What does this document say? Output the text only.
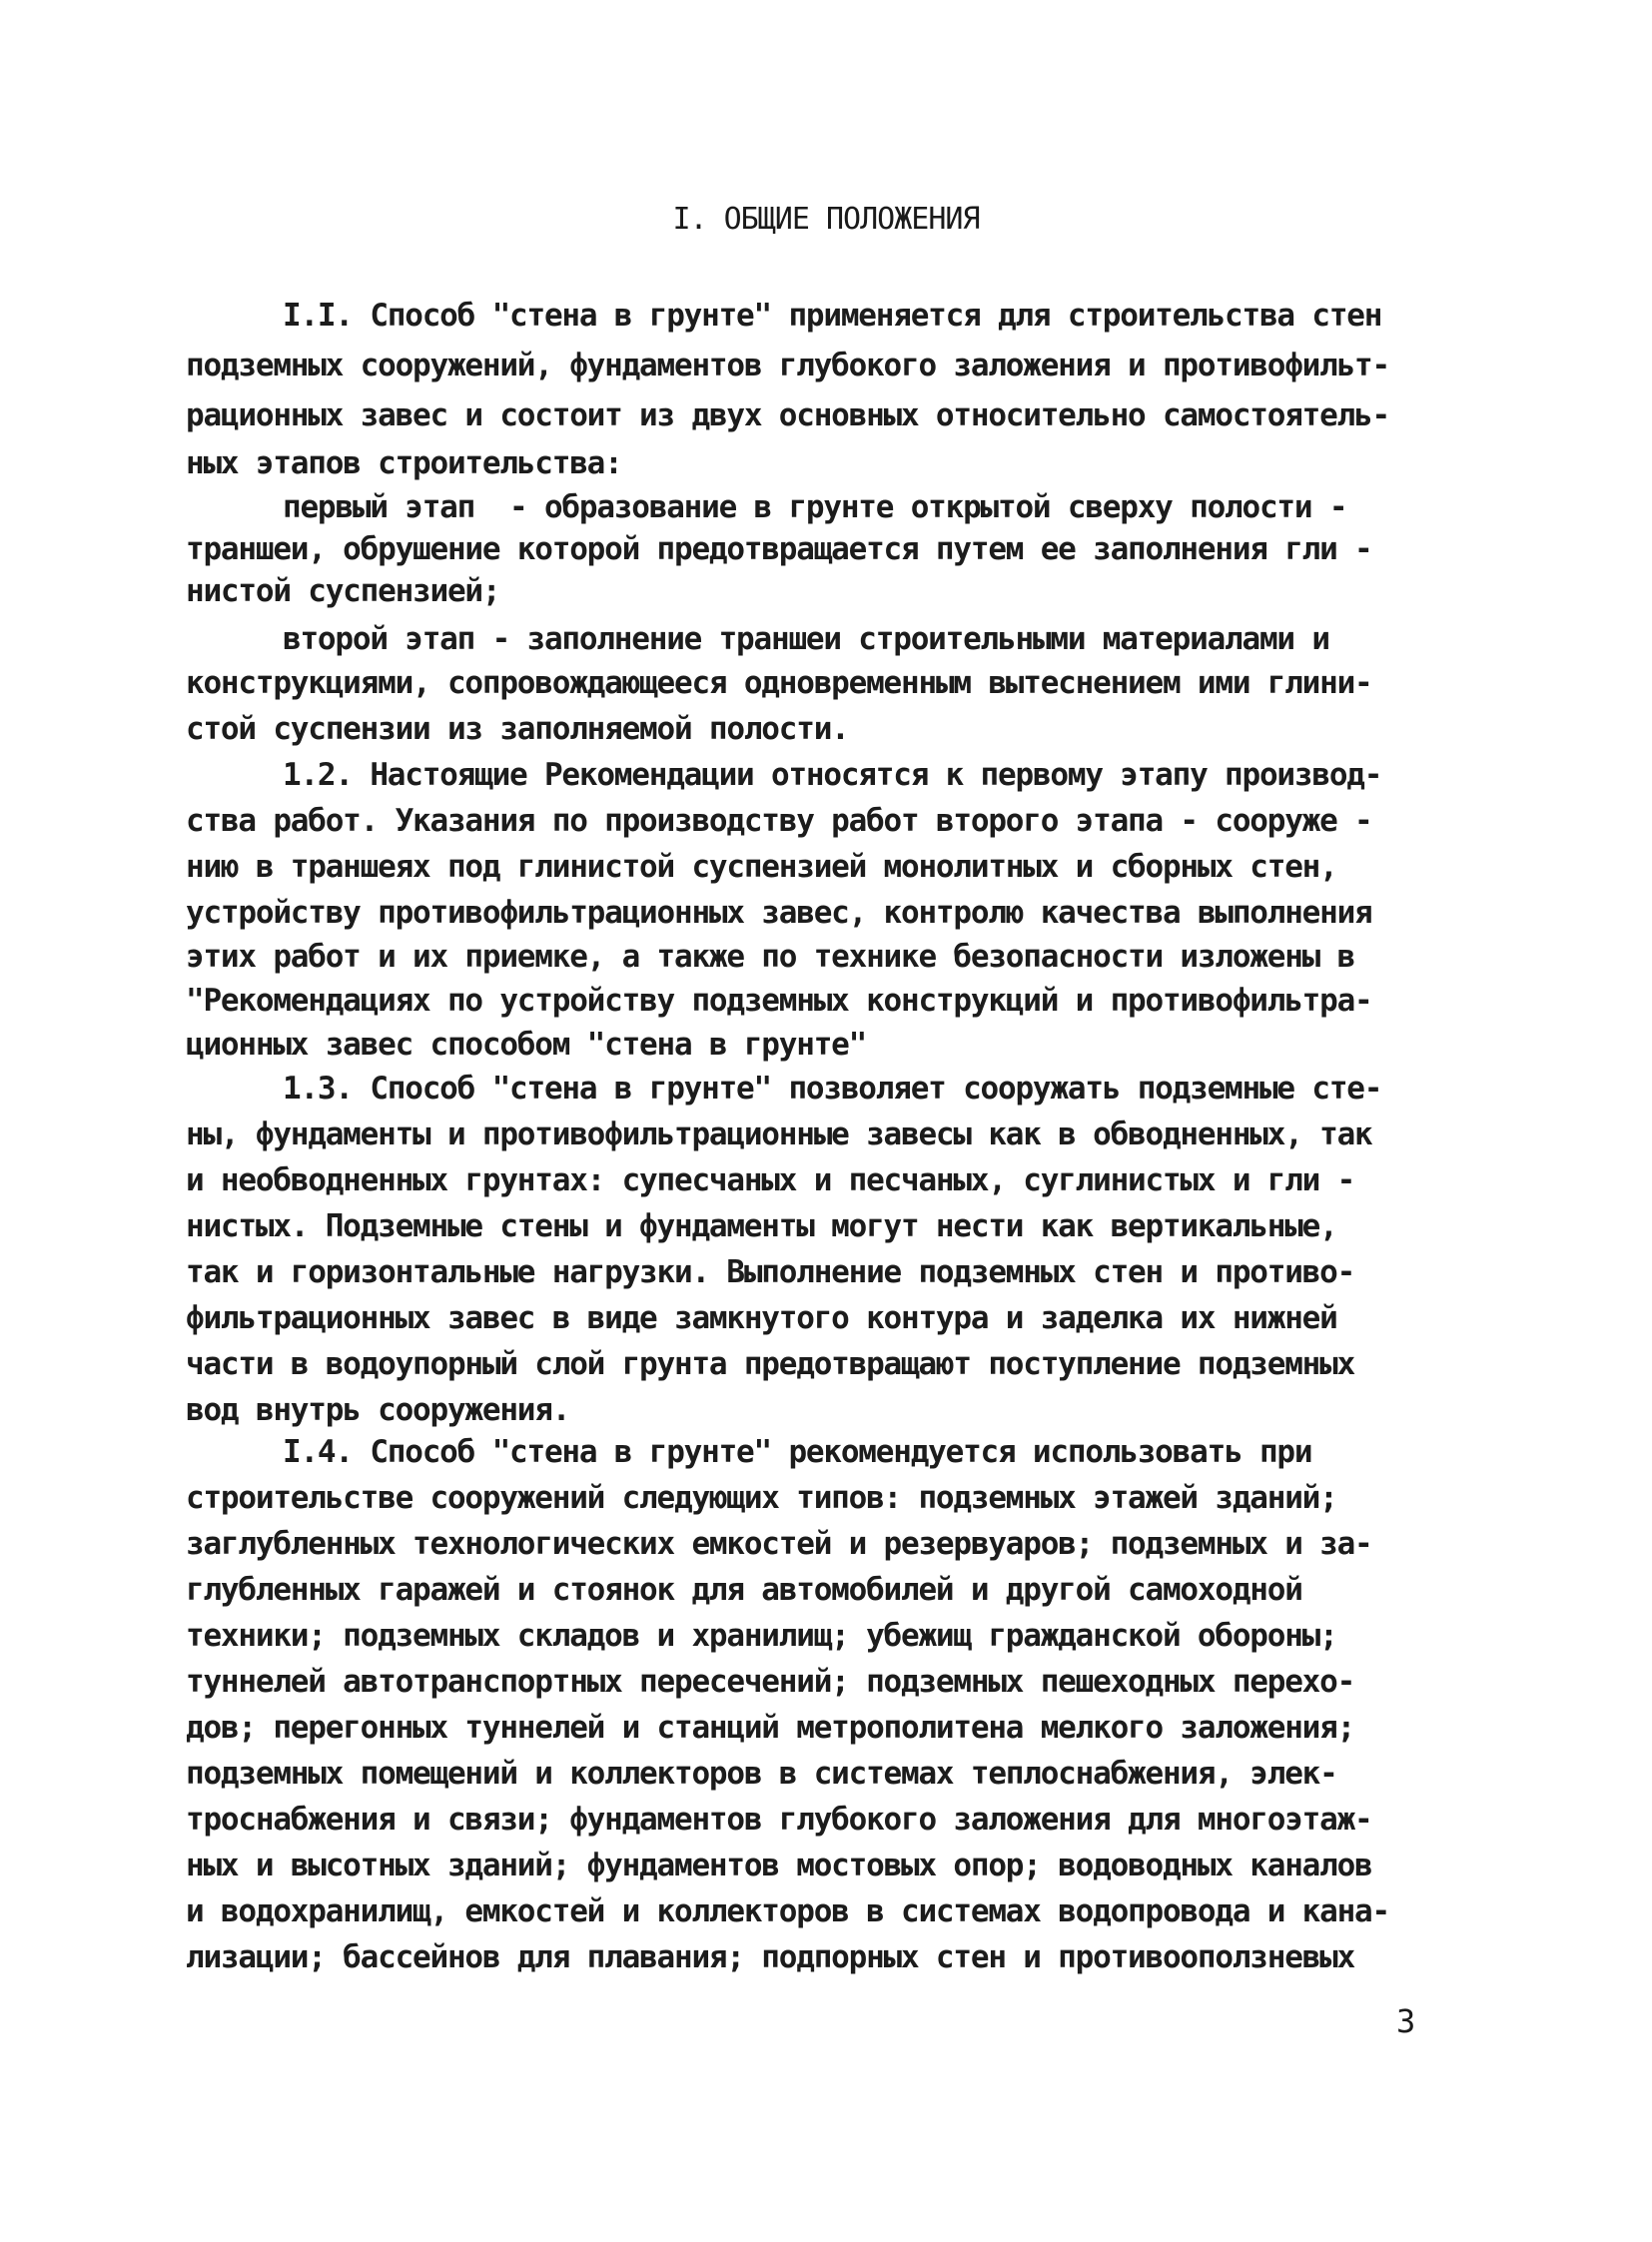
I. ОБЩИЕ ПОЛОЖЕНИЯ
I.I. Способ "стена в грунте" применяется для строительства стен
подземных сооружений, фундаментов глубокого заложения и противофильт-
рационных завес и состоит из двух основных относительно самостоятель-
ных этапов строительства:
первый этап  - образование в грунте открытой сверху полости -
траншеи, обрушение которой предотвращается путем ее заполнения гли -
нистой суспензией;
второй этап - заполнение траншеи строительными материалами и
конструкциями, сопровождающееся одновременным вытеснением ими глини-
стой суспензии из заполняемой полости.
1.2. Настоящие Рекомендации относятся к первому этапу производ-
ства работ. Указания по производству работ второго этапа - сооруже -
нию в траншеях под глинистой суспензией монолитных и сборных стен,
устройству противофильтрационных завес, контролю качества выполнения
этих работ и их приемке, а также по технике безопасности изложены в
"Рекомендациях по устройству подземных конструкций и противофильтра-
ционных завес способом "стена в грунте"
1.3. Способ "стена в грунте" позволяет сооружать подземные сте-
ны, фундаменты и противофильтрационные завесы как в обводненных, так
и необводненных грунтах: супесчаных и песчаных, суглинистых и гли -
нистых. Подземные стены и фундаменты могут нести как вертикальные,
так и горизонтальные нагрузки. Выполнение подземных стен и противо-
фильтрационных завес в виде замкнутого контура и заделка их нижней
части в водоупорный слой грунта предотвращают поступление подземных
вод внутрь сооружения.
I.4. Способ "стена в грунте" рекомендуется использовать при
строительстве сооружений следующих типов: подземных этажей зданий;
заглубленных технологических емкостей и резервуаров; подземных и за-
глубленных гаражей и стоянок для автомобилей и другой самоходной
техники; подземных складов и хранилищ; убежищ гражданской обороны;
туннелей автотранспортных пересечений; подземных пешеходных перехо-
дов; перегонных туннелей и станций метрополитена мелкого заложения;
подземных помещений и коллекторов в системах теплоснабжения, элек-
троснабжения и связи; фундаментов глубокого заложения для многоэтаж-
ных и высотных зданий; фундаментов мостовых опор; водоводных каналов
и водохранилищ, емкостей и коллекторов в системах водопровода и кана-
лизации; бассейнов для плавания; подпорных стен и противооползневых
3
